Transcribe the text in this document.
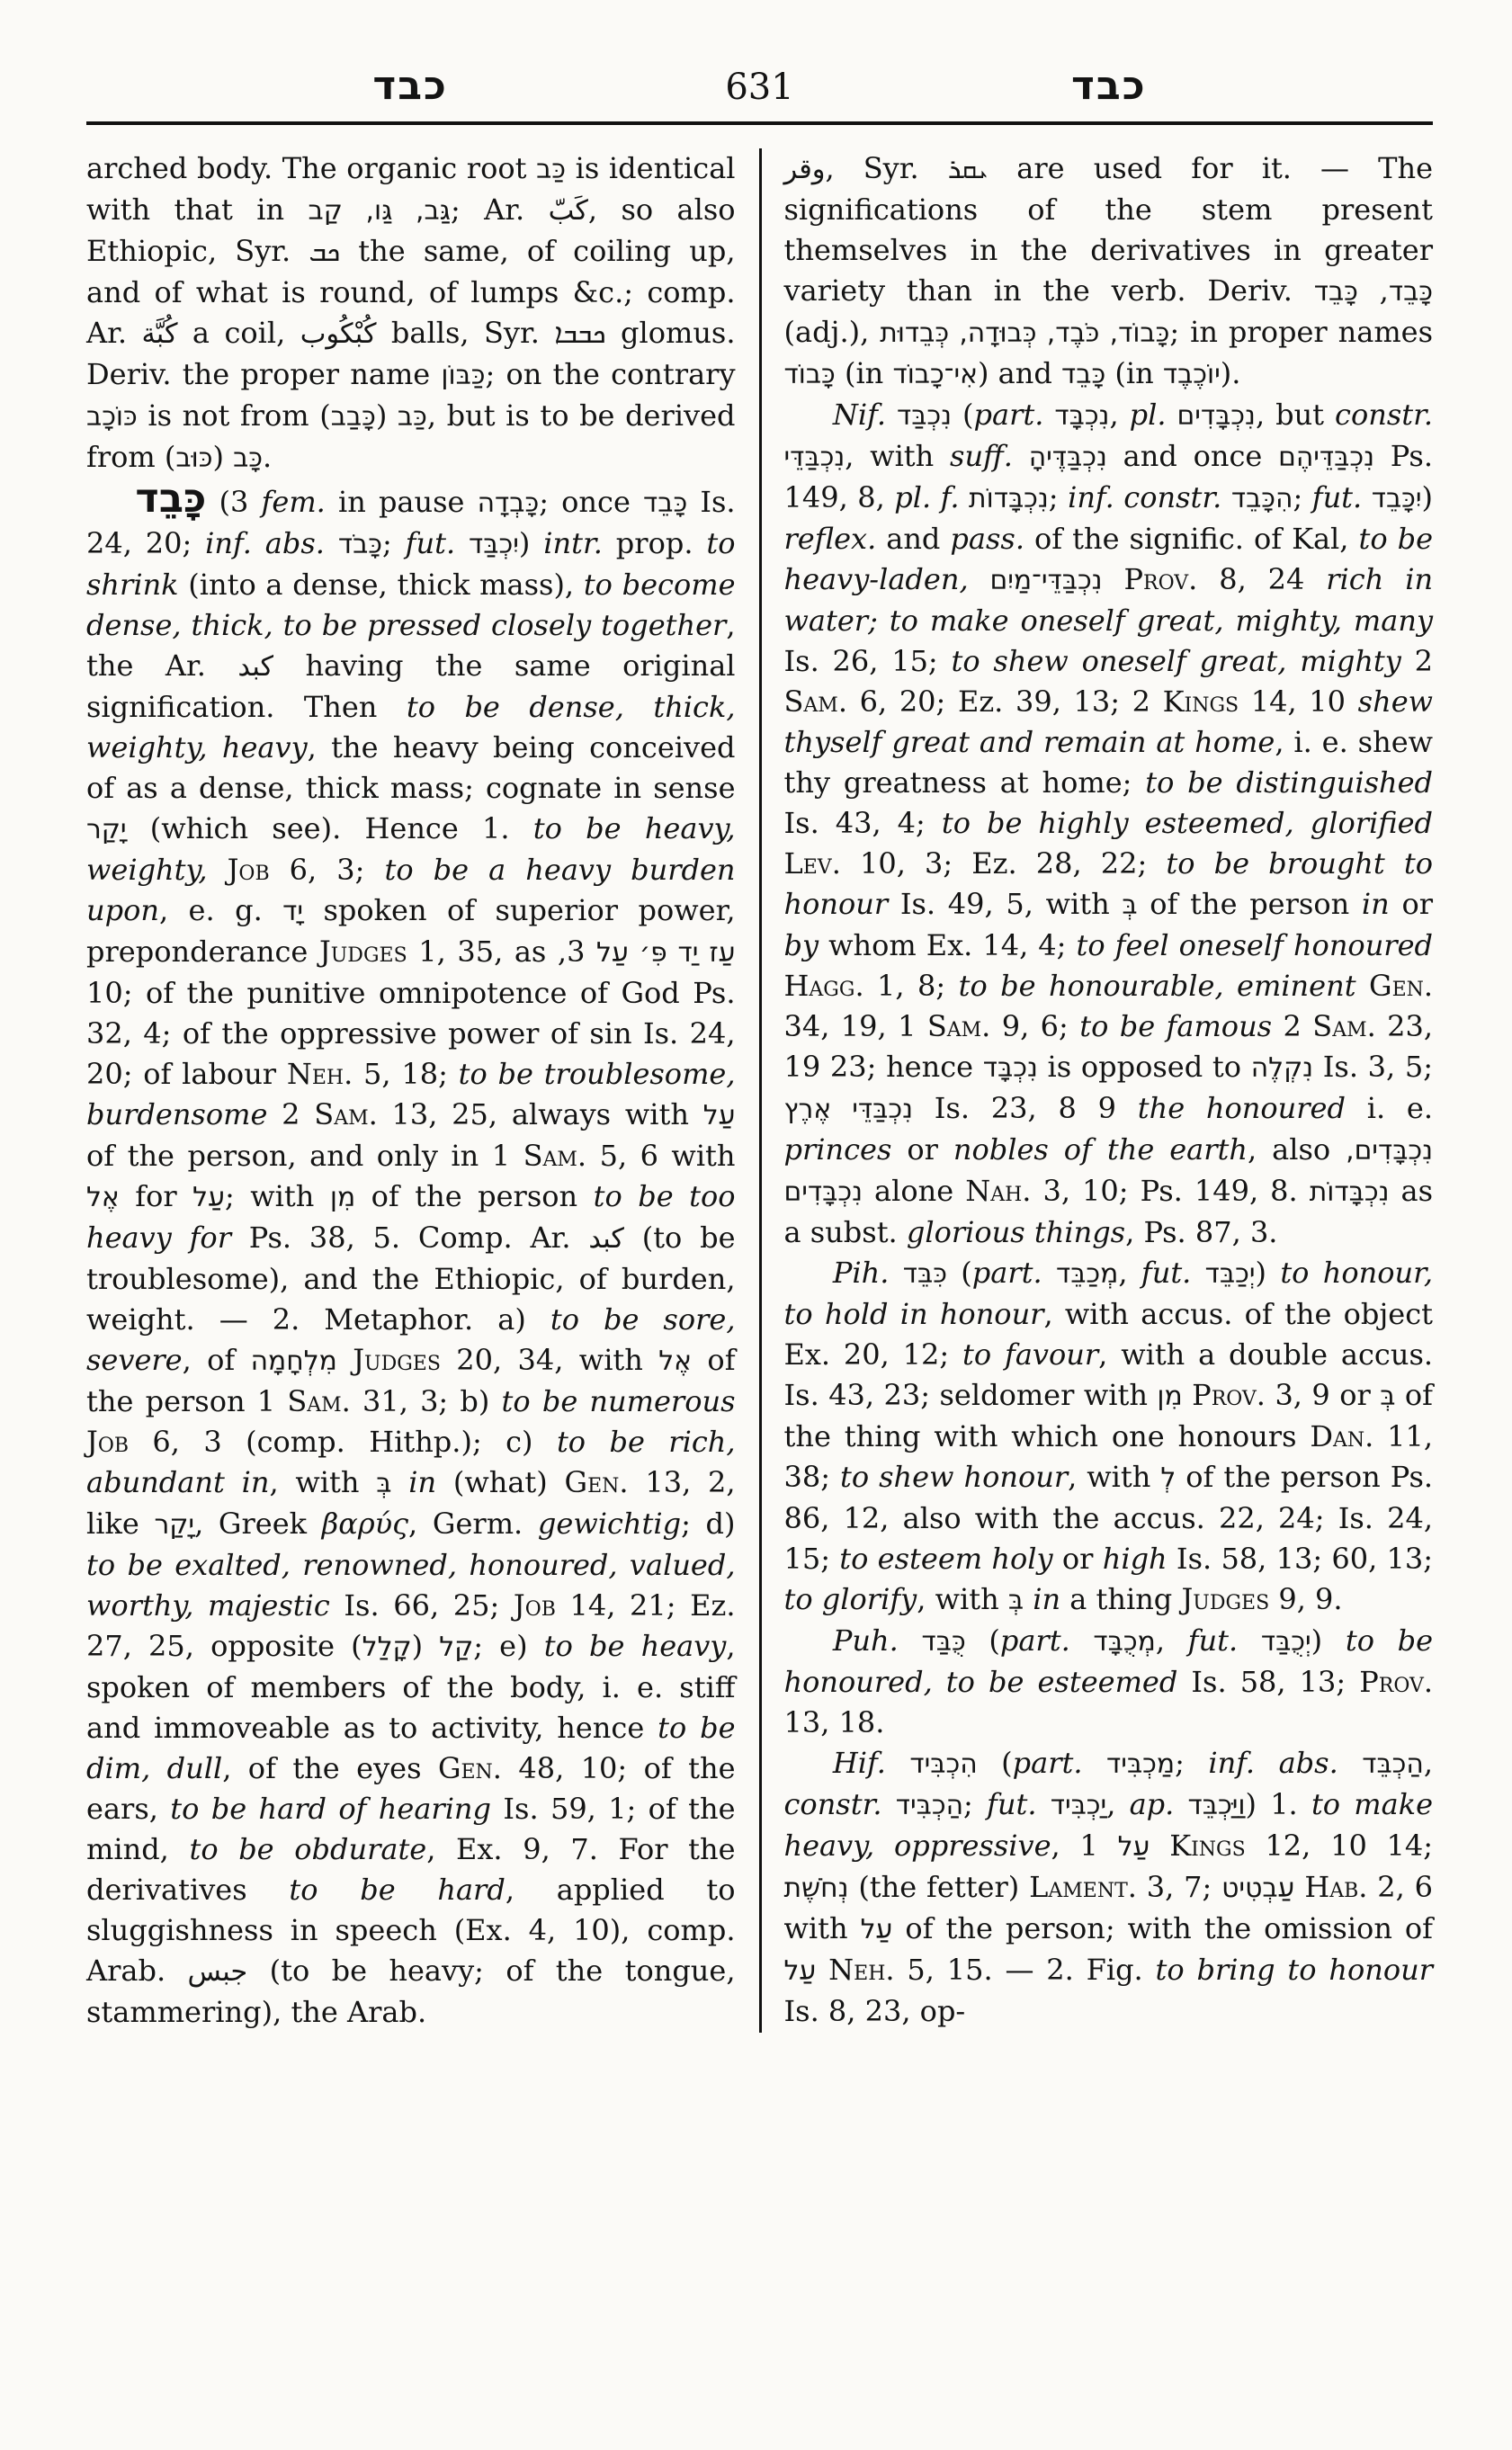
כבד	631	כבד

arched body. The organic root כַּב is identical with that in גַּב, גַּו, קַב; Ar. كَبّ, so also Ethiopic, Syr. ܟܒ the same, of coiling up, and of what is round, of lumps &c.; comp. Ar. كُبَّة a coil, كُبْكُوب balls, Syr. ܟܒܒܐ glomus. Deriv. the proper name כַּבּוֹן; on the contrary כּוֹכָב is not from	כַּב (כָּבַב), but is to be derived from	כָּב (כּוּב).

כָּבֵד (3 fem. in pause כָּבְדָה; once כָּבֵד Is. 24, 20; inf. abs. כָּבֹד; fut. יִכְבַּד) intr. prop. to shrink (into a dense, thick mass), to become dense, thick, to be pressed closely together, the Ar. كبد having the same original signification. Then to be dense, thick, weighty, heavy, the heavy being conceived of as a dense, thick mass; cognate in sense יָקַר (which see). Hence 1. to be heavy, weighty, Job 6, 3; to be a heavy burden upon, e. g. יָד spoken of superior power, preponderance Judges 1, 35, as עַז יַד פִּ׳ עַל 3, 10; of the punitive omnipotence of God Ps. 32, 4; of the oppressive power of sin Is. 24, 20; of labour Neh. 5, 18; to be troublesome, burdensome 2 Sam. 13, 25, always with עַל of the person, and only in 1 Sam. 5, 6 with אֶל for עַל; with מִן of the person to be too heavy for Ps. 38, 5. Comp. Ar. كبد (to be troublesome), and the Ethiopic, of burden, weight. — 2. Metaphor. a) to be sore, severe, of מִלְחָמָה Judges 20, 34, with אֶל of the person 1 Sam. 31, 3; b) to be numerous Job 6, 3 (comp. Hithp.); c) to be rich, abundant in, with בְּ in (what) Gen. 13, 2, like יָקַר, Greek βαρύς, Germ. gewichtig; d) to be exalted, renowned, honoured, valued, worthy, majestic Is. 66, 25; Job 14, 21; Ez. 27, 25, opposite	קַל (קָלַל); e) to be heavy, spoken of members of the body, i. e. stiff and immoveable as to activity, hence to be dim, dull, of the eyes Gen. 48, 10; of the ears, to be hard of hearing Is. 59, 1; of the mind, to be obdurate, Ex. 9, 7. For the derivatives to be hard, applied to sluggishness in speech (Ex. 4, 10), comp. Arab. جبس (to be heavy; of the tongue, stammering), the Arab.

وقر, Syr. ܝܩܪ are used for it. — The significations of the stem present themselves in the derivatives in greater variety than in the verb. Deriv.	כָּבֵד, כָּבֵד (adj.), כָּבוֹד, כֹּבֶד, כְּבוּדָה, כְּבֵדוּת; in proper names כָּבוֹד (in אִי־כָבוֹד) and כָּבֵד (in יוֹכֶבֶד).

Nif. נִכְבַּד (part. נִכְבָּד, pl. נִכְבָּדִים, but constr. נִכְבַּדֵּי, with suff. נִכְבַּדֶּיהָ and once נִכְבַּדֵּיהֶם Ps. 149, 8, pl. f. נִכְבָּדוֹת; inf. constr. הִכָּבֵד; fut. יִכָּבֵד) reflex. and pass. of the signific. of Kal, to be heavy-laden, נִכְבַּדֵּי־מַיִם Prov. 8, 24 rich in water; to make oneself great, mighty, many Is. 26, 15; to shew oneself great, mighty 2 Sam. 6, 20; Ez. 39, 13; 2 Kings 14, 10 shew thyself great and remain at home, i. e. shew thy greatness at home; to be distinguished Is. 43, 4; to be highly esteemed, glorified Lev. 10, 3; Ez. 28, 22; to be brought to honour Is. 49, 5, with בְּ of the person in or by whom Ex. 14, 4; to feel oneself honoured Hagg. 1, 8; to be honourable, eminent Gen. 34, 19, 1 Sam. 9, 6; to be famous 2 Sam. 23, 19 23; hence נִכְבָּד is opposed to נִקְלֶה Is. 3, 5; נִכְבַּדֵּי אֶרֶץ Is. 23, 8 9 the honoured i. e. princes or nobles of the earth, also נִכְבָּדִים, נִכְבָּדִים alone Nah. 3, 10; Ps. 149, 8. נִכְבָּדוֹת as a subst. glorious things, Ps. 87, 3.

Pih. כִּבֵּד (part. מְכַבֵּד, fut. יְכַבֵּד) to honour, to hold in honour, with accus. of the object Ex. 20, 12; to favour, with a double accus. Is. 43, 23; seldomer with מִן Prov. 3, 9 or בְּ of the thing with which one honours Dan. 11, 38; to shew honour, with לְ of the person Ps. 86, 12, also with the accus. 22, 24; Is. 24, 15; to esteem holy or high Is. 58, 13; 60, 13; to glorify, with בְּ in a thing Judges 9, 9.

Puh. כֻּבַּד (part. מְכֻבָּד, fut. יְכֻבַּד) to be honoured, to be esteemed Is. 58, 13; Prov. 13, 18.

Hif. הִכְבִּיד (part. מַכְבִּיד; inf. abs. הַכְבֵּד, constr. הַכְבִּיד; fut. יַכְבִּיד, ap. וַיַּכְבֵּד) 1. to make heavy, oppressive, עַל 1 Kings 12, 10 14; נְחֹשֶׁת (the fetter) Lament. 3, 7; עַבְטִיט Hab. 2, 6 with עַל of the person; with the omission of עַל Neh. 5, 15. — 2. Fig. to bring to honour Is. 8, 23, op-
